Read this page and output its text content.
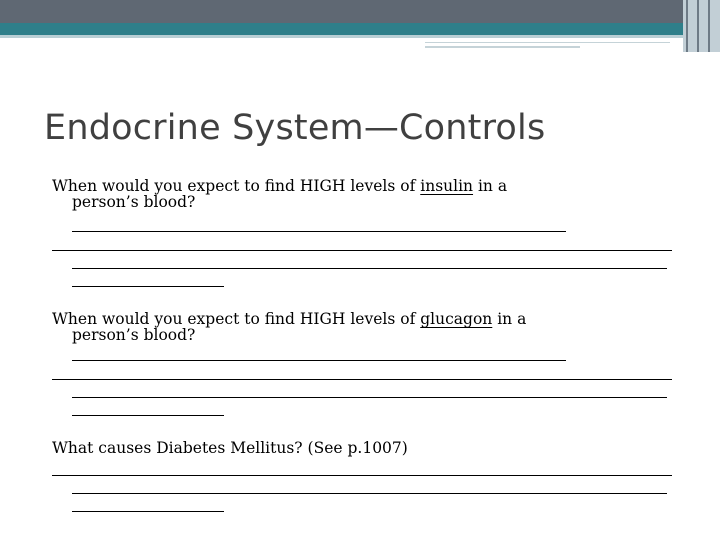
Endocrine System—Controls
When would you expect to find HIGH levels of insulin in a
person’s blood?
When would you expect to find HIGH levels of glucagon in a
person’s blood?
What causes Diabetes Mellitus? (See p.1007)
